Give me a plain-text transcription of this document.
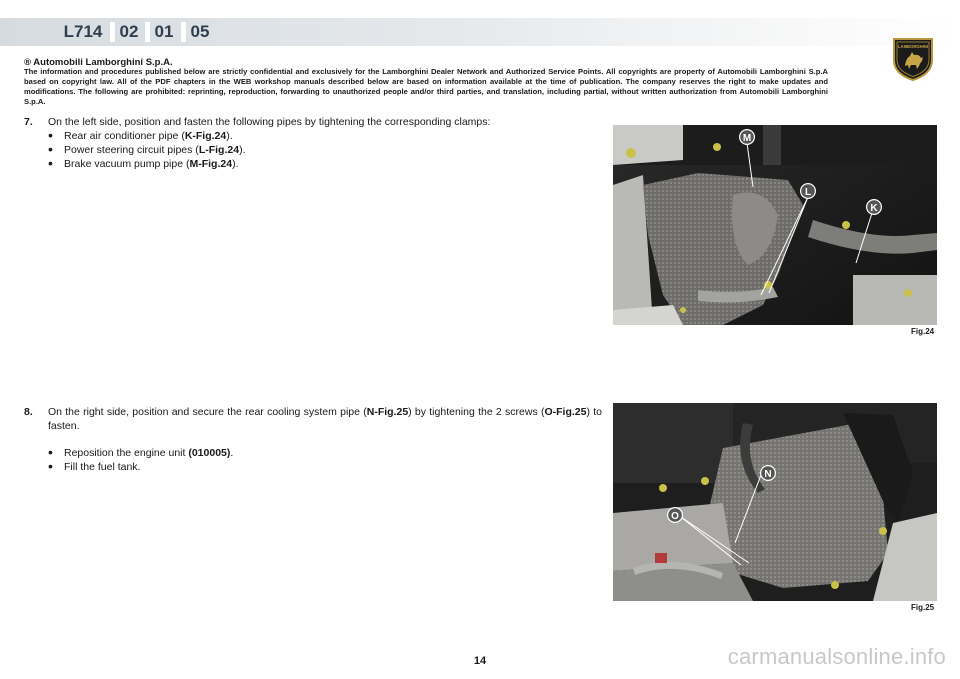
L714	02 01	05
LAMBORGHINI
® Automobili Lamborghini S.p.A.
The information and procedures published below are strictly confidential and exclusively for the Lamborghini Dealer Network and Authorized Service Points. All copyrights are property of Automobili Lamborghini S.p.A based on copyright law. All of the PDF chapters in the WEB workshop manuals described below are based on information available at the time of publication. The company reserves the right to make updates and modifications. The following are prohibited: reprinting, reproduction, forwarding to unauthorized people and/or third parties, and translation, including partial, without written authorization from Automobili Lamborghini S.p.A.
7. On the left side, position and fasten the following pipes by tightening the corresponding clamps:
• Rear air conditioner pipe (K-Fig.24).
• Power steering circuit pipes (L-Fig.24).
• Brake vacuum pump pipe (M-Fig.24).
8. On the right side, position and secure the rear cooling system pipe (N-Fig.25) by tightening the 2 screws (O-Fig.25) to fasten.
• Reposition the engine unit (010005).
• Fill the fuel tank.
M
L
K
Fig.24
N
O
Fig.25
14	carmanualsonline.info
